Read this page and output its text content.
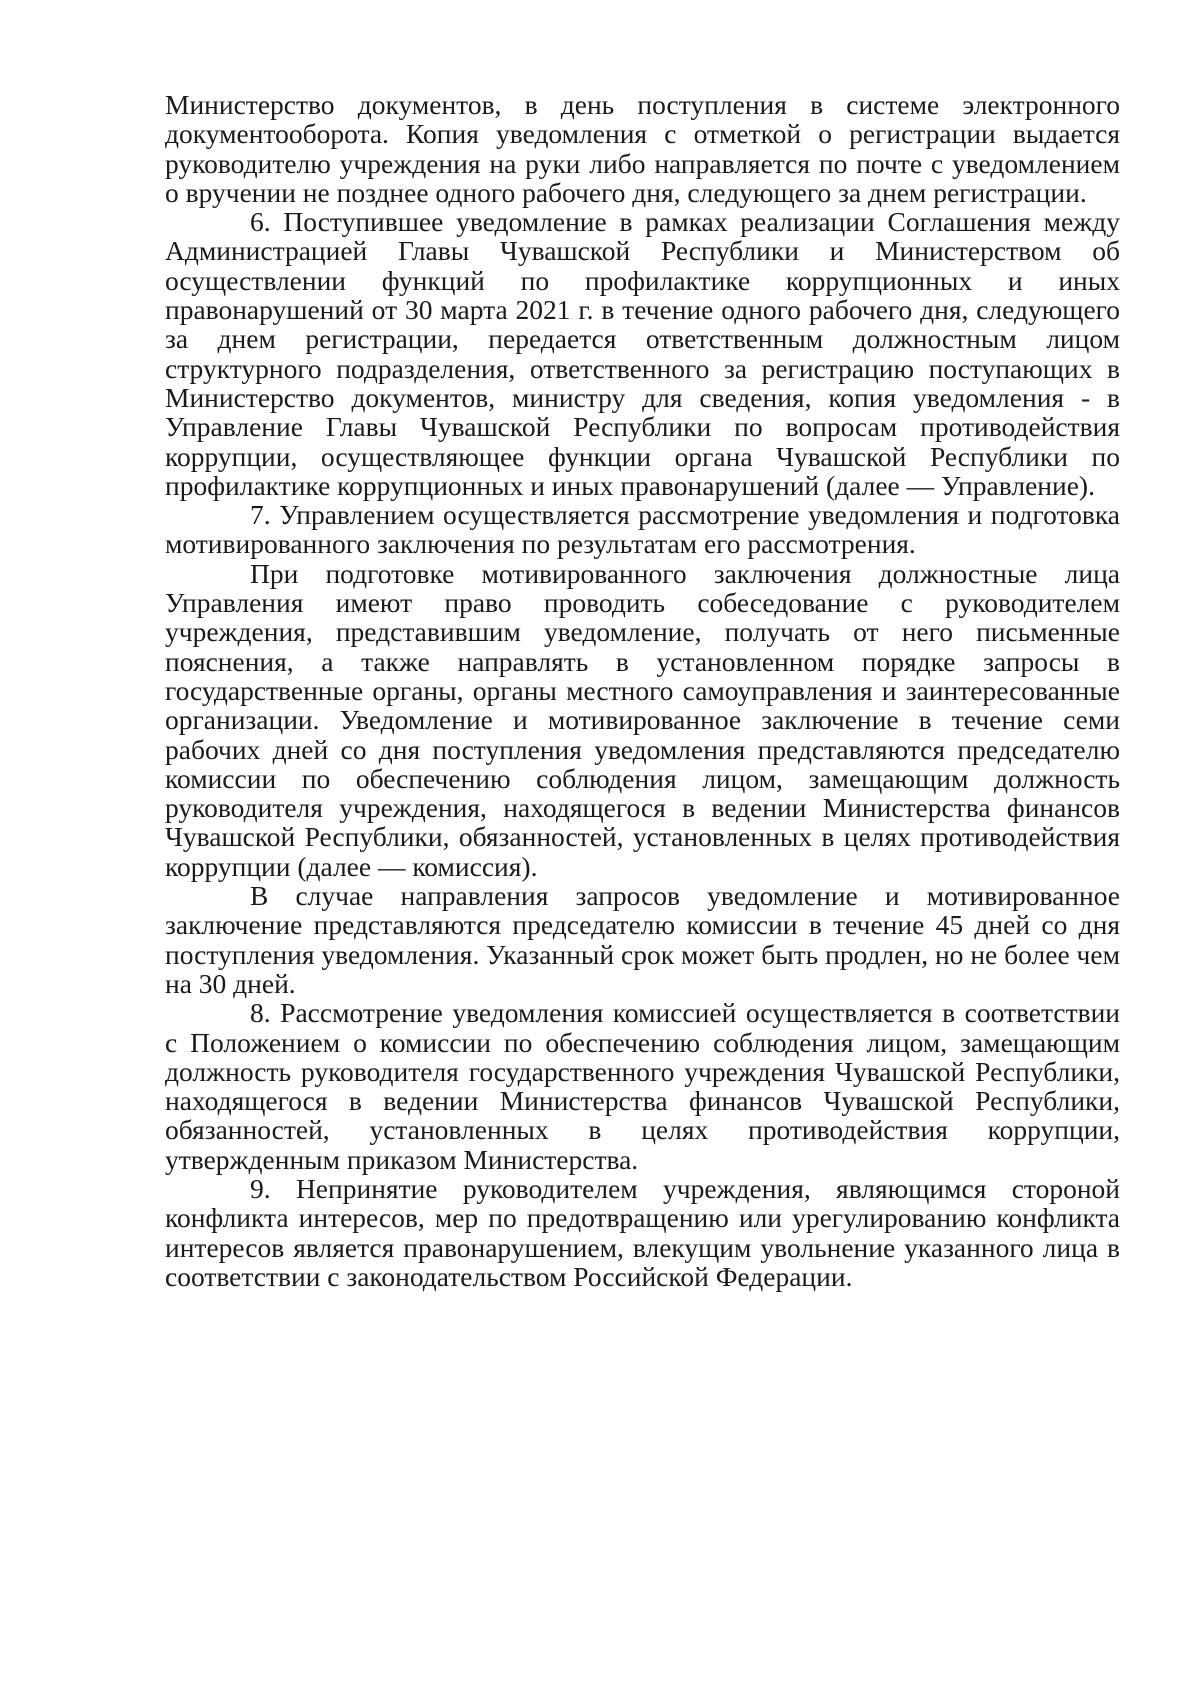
Министерство документов, в день поступления в системе электронного документооборота. Копия уведомления с отметкой о регистрации выдается руководителю учреждения на руки либо направляется по почте с уведомлением о вручении не позднее одного рабочего дня, следующего за днем регистрации.

6. Поступившее уведомление в рамках реализации Соглашения между Администрацией Главы Чувашской Республики и Министерством об осуществлении функций по профилактике коррупционных и иных правонарушений от 30 марта 2021 г. в течение одного рабочего дня, следующего за днем регистрации, передается ответственным должностным лицом структурного подразделения, ответственного за регистрацию поступающих в Министерство документов, министру для сведения, копия уведомления - в Управление Главы Чувашской Республики по вопросам противодействия коррупции, осуществляющее функции органа Чувашской Республики по профилактике коррупционных и иных правонарушений (далее — Управление).

7. Управлением осуществляется рассмотрение уведомления и подготовка мотивированного заключения по результатам его рассмотрения.

При подготовке мотивированного заключения должностные лица Управления имеют право проводить собеседование с руководителем учреждения, представившим уведомление, получать от него письменные пояснения, а также направлять в установленном порядке запросы в государственные органы, органы местного самоуправления и заинтересованные организации. Уведомление и мотивированное заключение в течение семи рабочих дней со дня поступления уведомления представляются председателю комиссии по обеспечению соблюдения лицом, замещающим должность руководителя учреждения, находящегося в ведении Министерства финансов Чувашской Республики, обязанностей, установленных в целях противодействия коррупции (далее — комиссия).

В случае направления запросов уведомление и мотивированное заключение представляются председателю комиссии в течение 45 дней со дня поступления уведомления. Указанный срок может быть продлен, но не более чем на 30 дней.

8. Рассмотрение уведомления комиссией осуществляется в соответствии с Положением о комиссии по обеспечению соблюдения лицом, замещающим должность руководителя государственного учреждения Чувашской Республики, находящегося в ведении Министерства финансов Чувашской Республики, обязанностей, установленных в целях противодействия коррупции, утвержденным приказом Министерства.

9. Непринятие руководителем учреждения, являющимся стороной конфликта интересов, мер по предотвращению или урегулированию конфликта интересов является правонарушением, влекущим увольнение указанного лица в соответствии с законодательством Российской Федерации.
